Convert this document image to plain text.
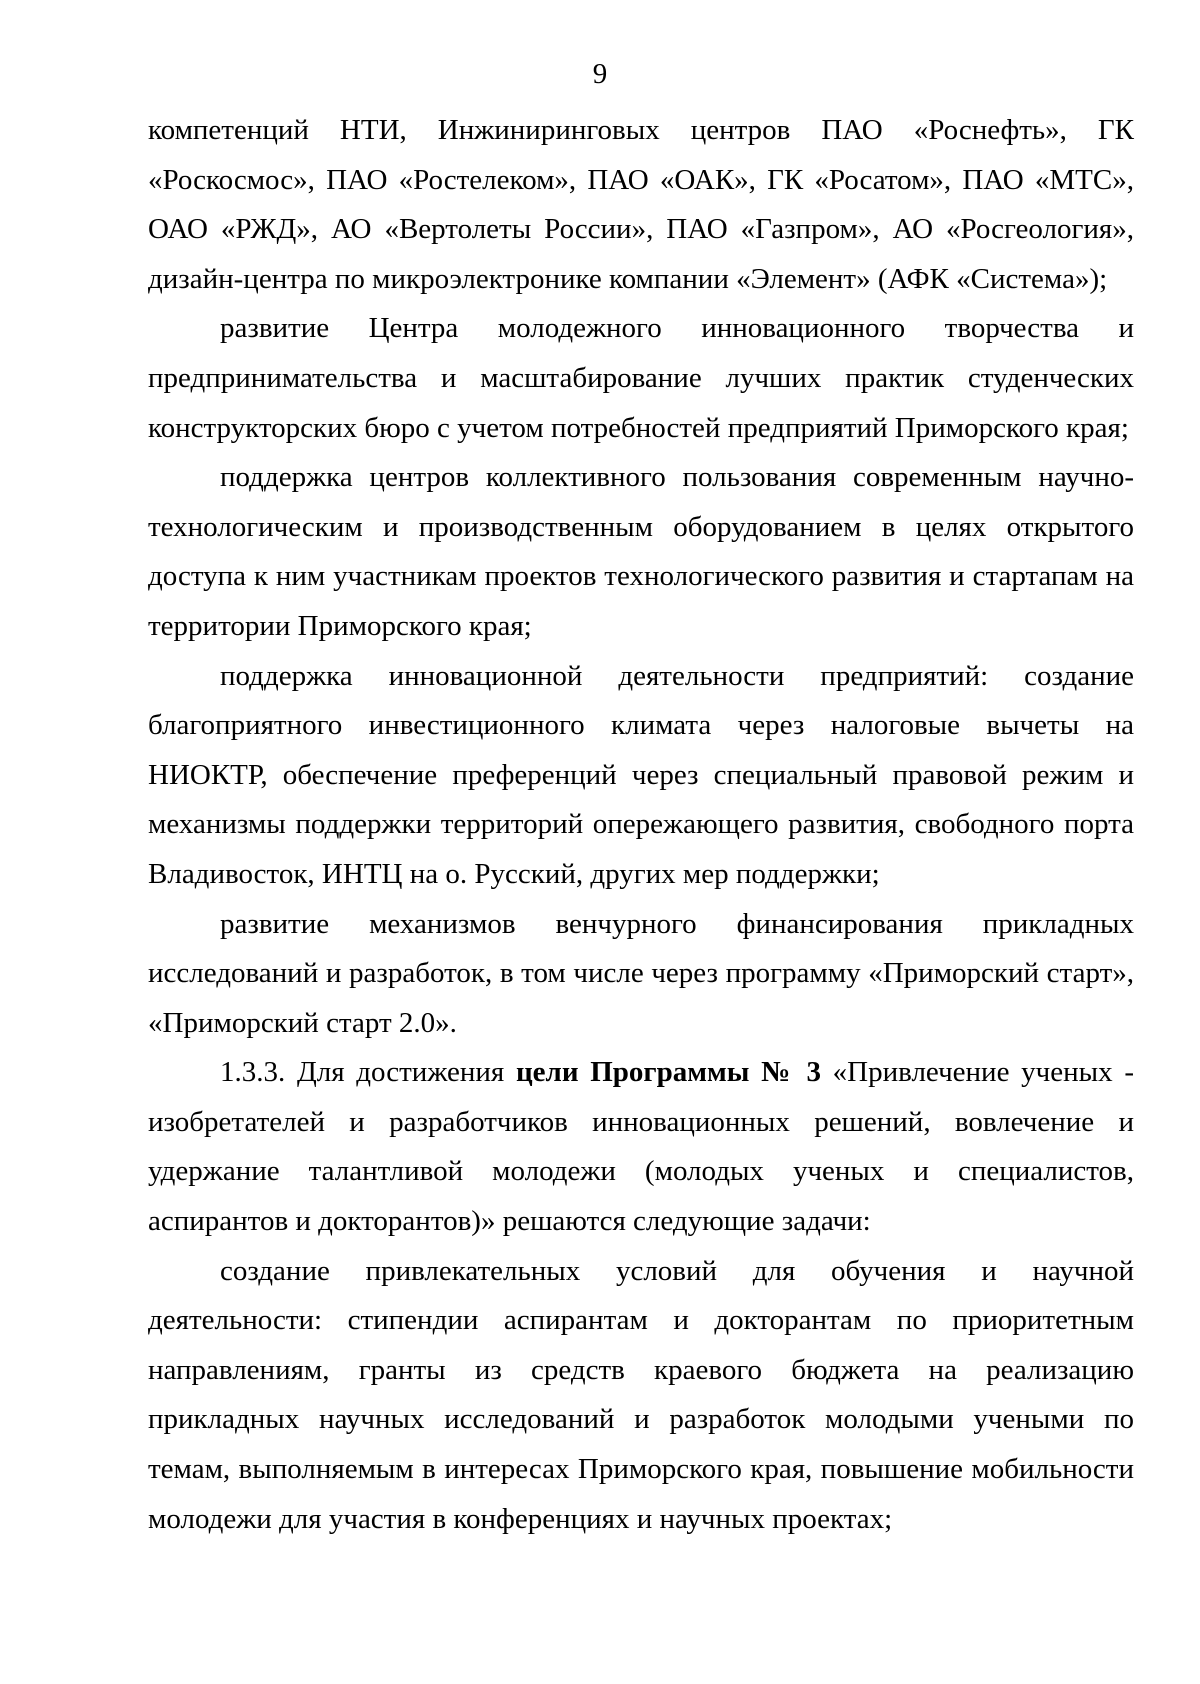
9

компетенций НТИ, Инжиниринговых центров ПАО «Роснефть», ГК «Роскосмос», ПАО «Ростелеком», ПАО «ОАК», ГК «Росатом», ПАО «МТС», ОАО «РЖД», АО «Вертолеты России», ПАО «Газпром», АО «Росгеология», дизайн-центра по микроэлектронике компании «Элемент» (АФК «Система»);

развитие Центра молодежного инновационного творчества и предпринимательства и масштабирование лучших практик студенческих конструкторских бюро с учетом потребностей предприятий Приморского края;

поддержка центров коллективного пользования современным научно-технологическим и производственным оборудованием в целях открытого доступа к ним участникам проектов технологического развития и стартапам на территории Приморского края;

поддержка инновационной деятельности предприятий: создание благоприятного инвестиционного климата через налоговые вычеты на НИОКТР, обеспечение преференций через специальный правовой режим и механизмы поддержки территорий опережающего развития, свободного порта Владивосток, ИНТЦ на о. Русский, других мер поддержки;

развитие механизмов венчурного финансирования прикладных исследований и разработок, в том числе через программу «Приморский старт», «Приморский старт 2.0».

1.3.3. Для достижения цели Программы № 3 «Привлечение ученых - изобретателей и разработчиков инновационных решений, вовлечение и удержание талантливой молодежи (молодых ученых и специалистов, аспирантов и докторантов)» решаются следующие задачи:

создание привлекательных условий для обучения и научной деятельности: стипендии аспирантам и докторантам по приоритетным направлениям, гранты из средств краевого бюджета на реализацию прикладных научных исследований и разработок молодыми учеными по темам, выполняемым в интересах Приморского края, повышение мобильности молодежи для участия в конференциях и научных проектах;
